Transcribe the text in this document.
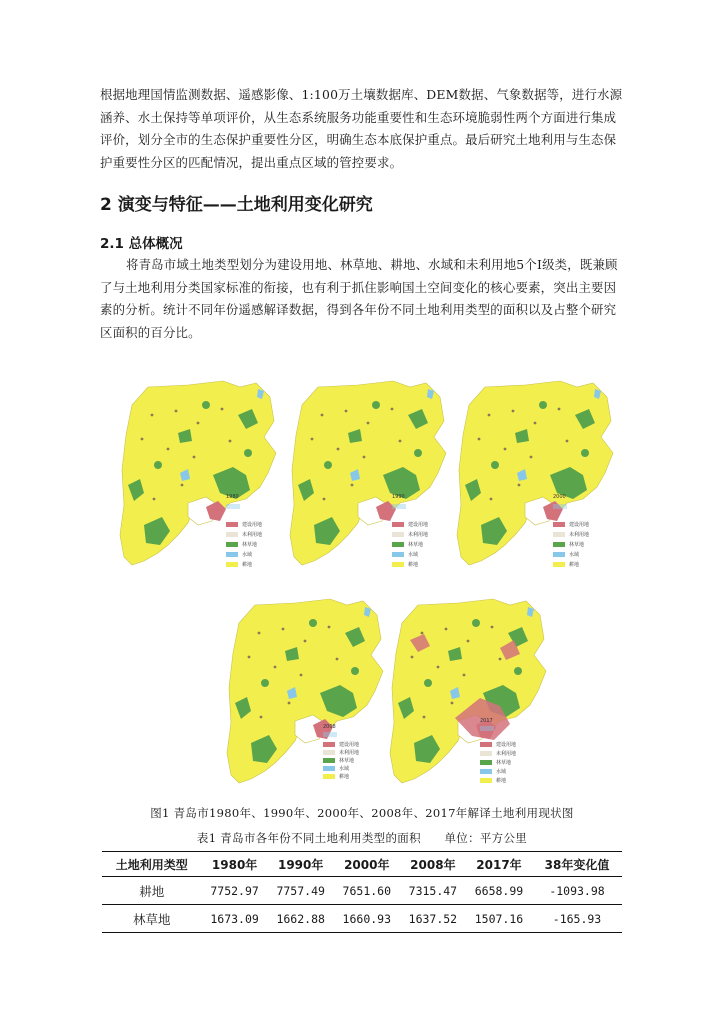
根据地理国情监测数据、遥感影像、1:100万土壤数据库、DEM数据、气象数据等，进行水源涵养、水土保持等单项评价，从生态系统服务功能重要性和生态环境脆弱性两个方面进行集成评价，划分全市的生态保护重要性分区，明确生态本底保护重点。最后研究土地利用与生态保护重要性分区的匹配情况，提出重点区域的管控要求。
2 演变与特征——土地利用变化研究
2.1 总体概况
将青岛市域土地类型划分为建设用地、林草地、耕地、水域和未利用地5个Ⅰ级类，既兼顾了与土地利用分类国家标准的衔接，也有利于抓住影响国土空间变化的核心要素，突出主要因素的分析。统计不同年份遥感解译数据，得到各年份不同土地利用类型的面积以及占整个研究区面积的百分比。
1980
建设用地
未利用地
林草地
水域
耕地
1990
建设用地
未利用地
林草地
水域
耕地
2000
建设用地
未利用地
林草地
水域
耕地
2008
建设用地
未利用地
林草地
水域
耕地
2017
建设用地
未利用地
林草地
水域
耕地
图1 青岛市1980年、1990年、2000年、2008年、2017年解译土地利用现状图
表1 青岛市各年份不同土地利用类型的面积　　单位：平方公里
土地利用类型	1980年	1990年	2000年	2008年	2017年	38年变化值
耕地	7752.97	7757.49	7651.60	7315.47	6658.99	-1093.98
林草地	1673.09	1662.88	1660.93	1637.52	1507.16	-165.93
